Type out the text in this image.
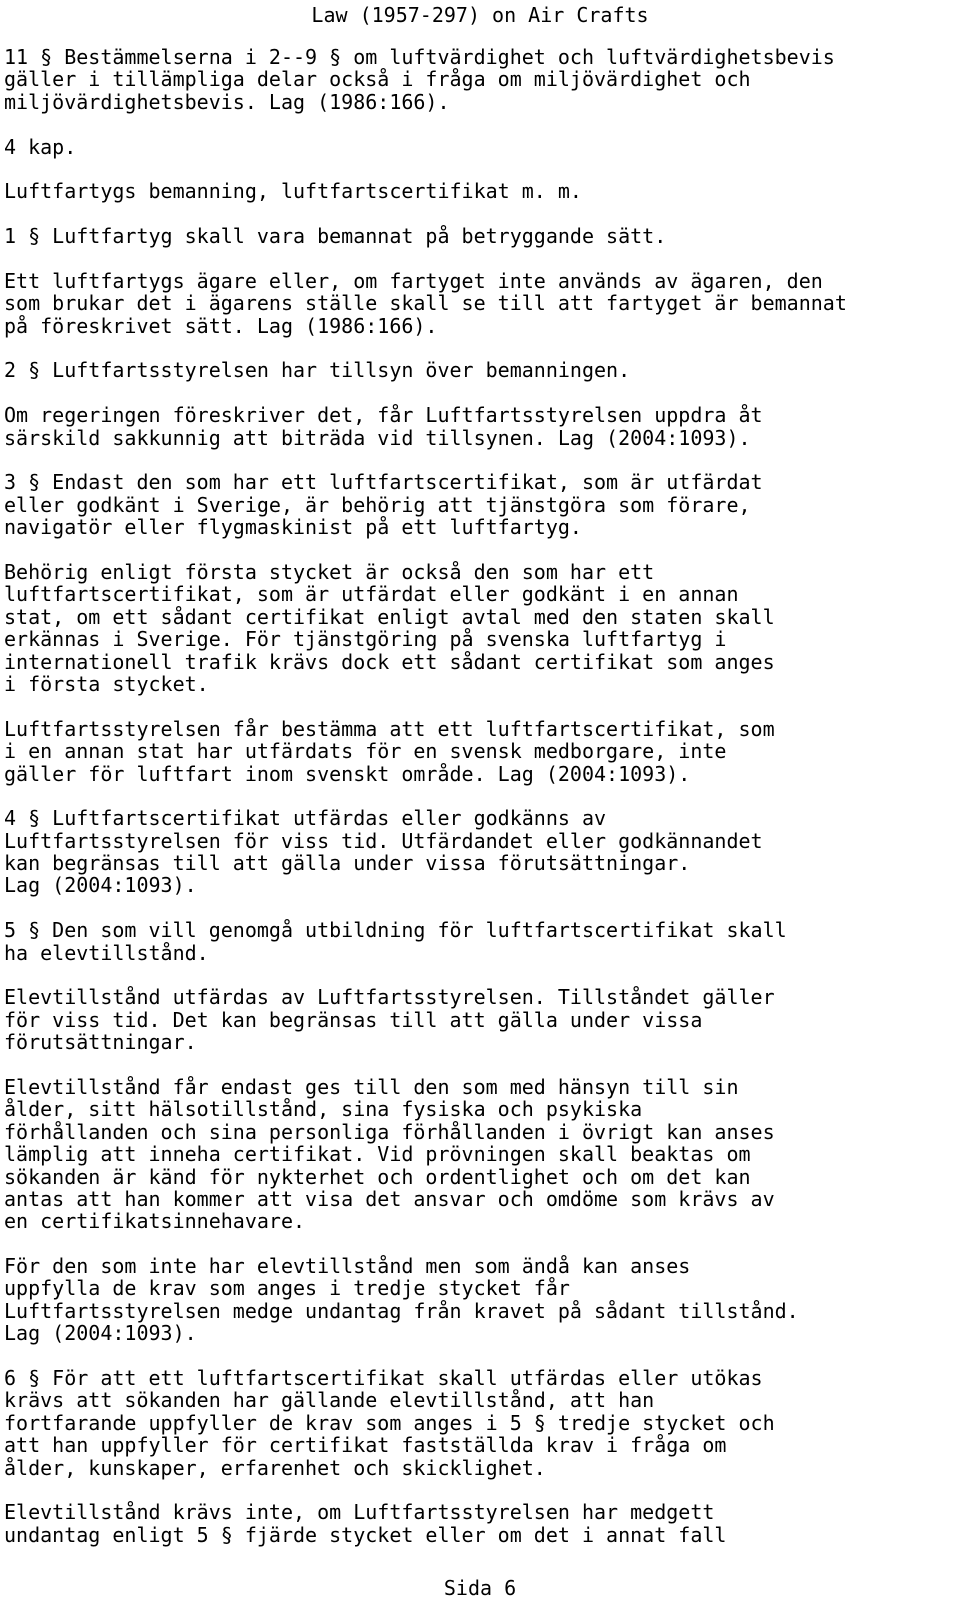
Law (1957-297) on Air Crafts
11 § Bestämmelserna i 2--9 § om luftvärdighet och luftvärdighetsbevis
gäller i tillämpliga delar också i fråga om miljövärdighet och
miljövärdighetsbevis. Lag (1986:166).
4 kap.
Luftfartygs bemanning, luftfartscertifikat m. m.
1 § Luftfartyg skall vara bemannat på betryggande sätt.
Ett luftfartygs ägare eller, om fartyget inte används av ägaren, den
som brukar det i ägarens ställe skall se till att fartyget är bemannat
på föreskrivet sätt. Lag (1986:166).
2 § Luftfartsstyrelsen har tillsyn över bemanningen.
Om regeringen föreskriver det, får Luftfartsstyrelsen uppdra åt
särskild sakkunnig att biträda vid tillsynen. Lag (2004:1093).
3 § Endast den som har ett luftfartscertifikat, som är utfärdat
eller godkänt i Sverige, är behörig att tjänstgöra som förare,
navigatör eller flygmaskinist på ett luftfartyg.
Behörig enligt första stycket är också den som har ett
luftfartscertifikat, som är utfärdat eller godkänt i en annan
stat, om ett sådant certifikat enligt avtal med den staten skall
erkännas i Sverige. För tjänstgöring på svenska luftfartyg i
internationell trafik krävs dock ett sådant certifikat som anges
i första stycket.
Luftfartsstyrelsen får bestämma att ett luftfartscertifikat, som
i en annan stat har utfärdats för en svensk medborgare, inte
gäller för luftfart inom svenskt område. Lag (2004:1093).
4 § Luftfartscertifikat utfärdas eller godkänns av
Luftfartsstyrelsen för viss tid. Utfärdandet eller godkännandet
kan begränsas till att gälla under vissa förutsättningar.
Lag (2004:1093).
5 § Den som vill genomgå utbildning för luftfartscertifikat skall
ha elevtillstånd.
Elevtillstånd utfärdas av Luftfartsstyrelsen. Tillståndet gäller
för viss tid. Det kan begränsas till att gälla under vissa
förutsättningar.
Elevtillstånd får endast ges till den som med hänsyn till sin
ålder, sitt hälsotillstånd, sina fysiska och psykiska
förhållanden och sina personliga förhållanden i övrigt kan anses
lämplig att inneha certifikat. Vid prövningen skall beaktas om
sökanden är känd för nykterhet och ordentlighet och om det kan
antas att han kommer att visa det ansvar och omdöme som krävs av
en certifikatsinnehavare.
För den som inte har elevtillstånd men som ändå kan anses
uppfylla de krav som anges i tredje stycket får
Luftfartsstyrelsen medge undantag från kravet på sådant tillstånd.
Lag (2004:1093).
6 § För att ett luftfartscertifikat skall utfärdas eller utökas
krävs att sökanden har gällande elevtillstånd, att han
fortfarande uppfyller de krav som anges i 5 § tredje stycket och
att han uppfyller för certifikat fastställda krav i fråga om
ålder, kunskaper, erfarenhet och skicklighet.
Elevtillstånd krävs inte, om Luftfartsstyrelsen har medgett
undantag enligt 5 § fjärde stycket eller om det i annat fall
Sida 6
